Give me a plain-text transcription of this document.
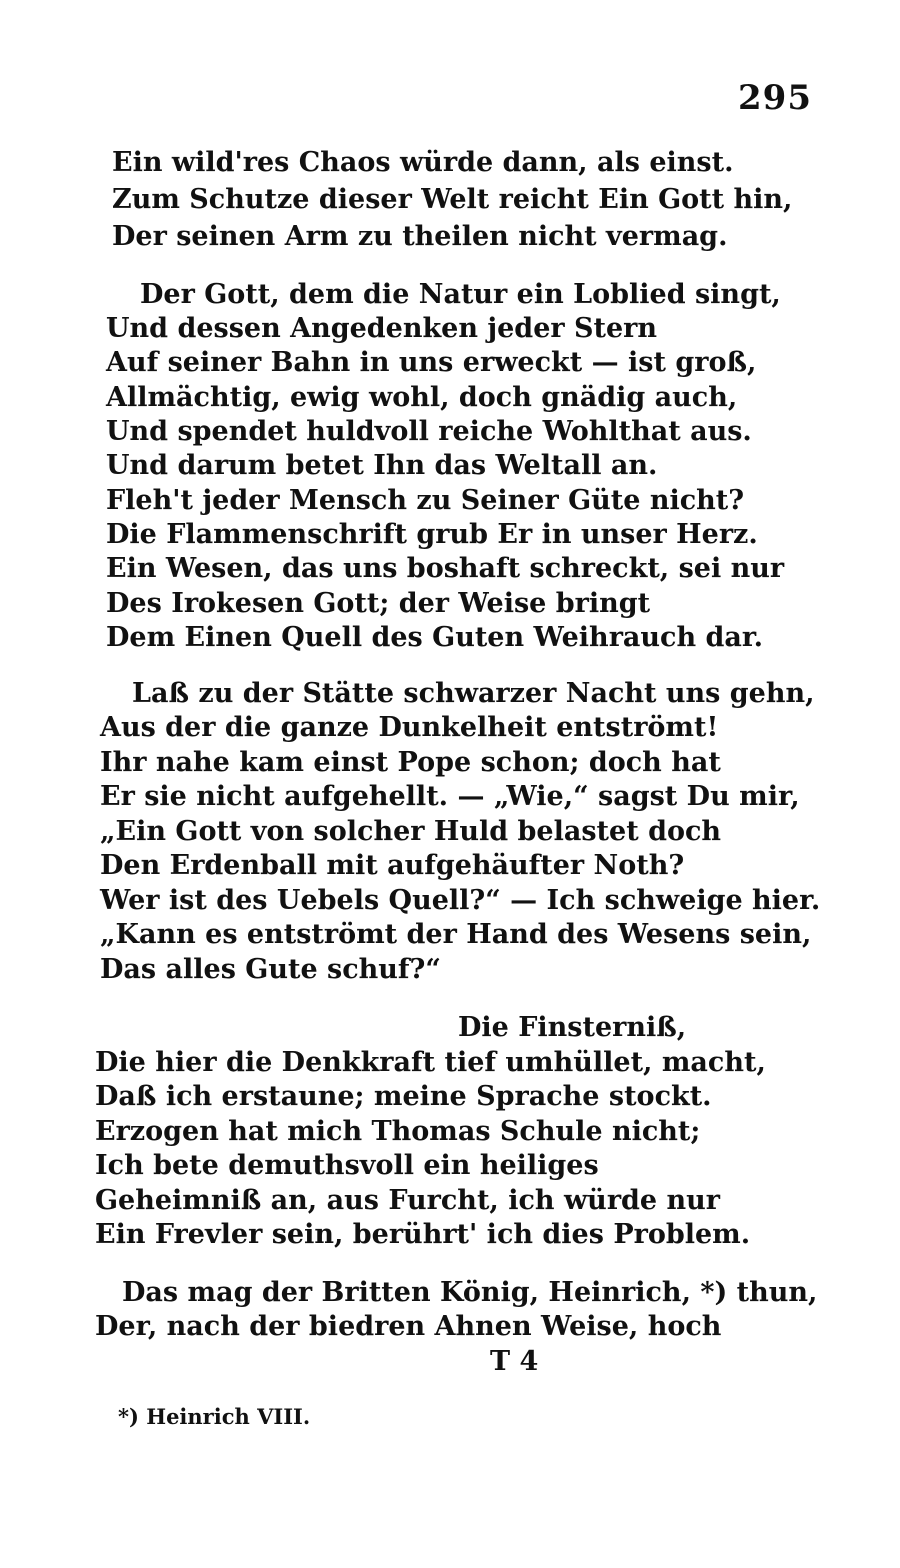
295
Ein wild'res Chaos würde dann, als einst.
Zum Schutze dieser Welt reicht Ein Gott hin,
Der seinen Arm zu theilen nicht vermag.
Der Gott, dem die Natur ein Loblied singt,
Und dessen Angedenken jeder Stern
Auf seiner Bahn in uns erweckt — ist groß,
Allmächtig, ewig wohl, doch gnädig auch,
Und spendet huldvoll reiche Wohlthat aus.
Und darum betet Ihn das Weltall an.
Fleh't jeder Mensch zu Seiner Güte nicht?
Die Flammenschrift grub Er in unser Herz.
Ein Wesen, das uns boshaft schreckt, sei nur
Des Irokesen Gott; der Weise bringt
Dem Einen Quell des Guten Weihrauch dar.
Laß zu der Stätte schwarzer Nacht uns gehn,
Aus der die ganze Dunkelheit entströmt!
Ihr nahe kam einst Pope schon; doch hat
Er sie nicht aufgehellt. — „Wie,“ sagst Du mir,
„Ein Gott von solcher Huld belastet doch
Den Erdenball mit aufgehäufter Noth?
Wer ist des Uebels Quell?“ — Ich schweige hier.
„Kann es entströmt der Hand des Wesens sein,
Das alles Gute schuf?“
Die Finsterniß,
Die hier die Denkkraft tief umhüllet, macht,
Daß ich erstaune; meine Sprache stockt.
Erzogen hat mich Thomas Schule nicht;
Ich bete demuthsvoll ein heiliges
Geheimniß an, aus Furcht, ich würde nur
Ein Frevler sein, berührt' ich dies Problem.
Das mag der Britten König, Heinrich, *) thun,
Der, nach der biedren Ahnen Weise, hoch
T 4
*) Heinrich VIII.
